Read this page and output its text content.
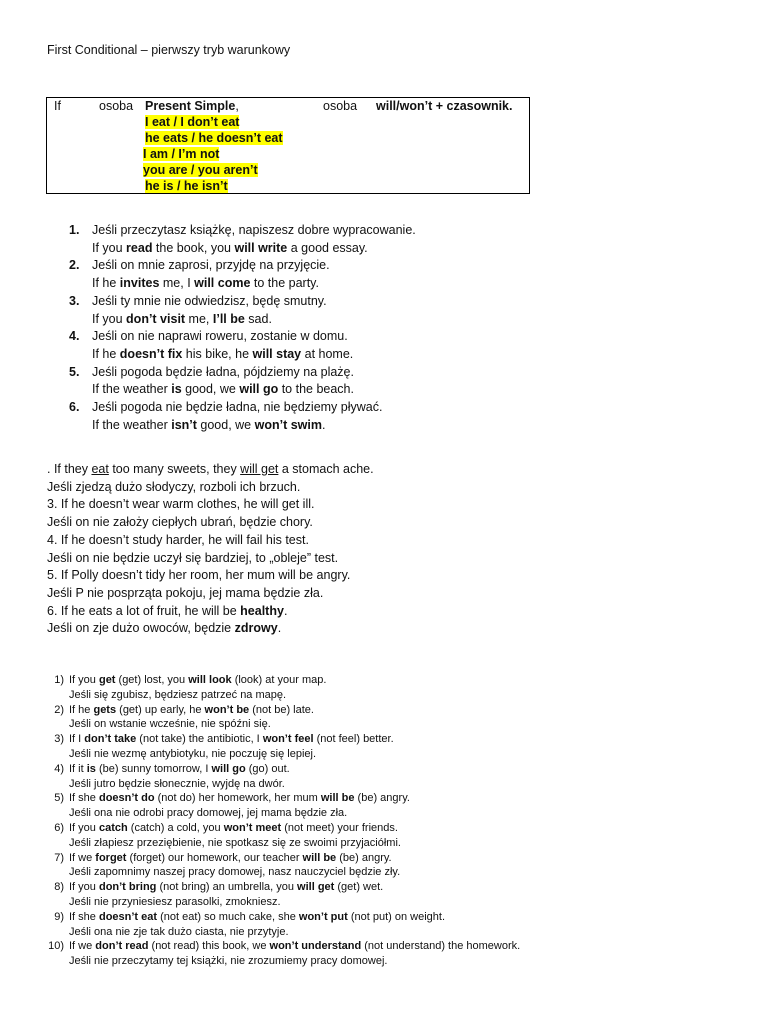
First Conditional – pierwszy tryb warunkowy
If	osoba Present Simple,	osoba will/won’t + czasownik.
I eat / I don’t eat
he eats / he doesn’t eat
I am / I’m not
you are / you aren’t
he is / he isn’t
1. Jeśli przeczytasz książkę, napiszesz dobre wypracowanie.
If you read the book, you will write a good essay.
2. Jeśli on mnie zaprosi, przyjdę na przyjęcie.
If he invites me, I will come to the party.
3. Jeśli ty mnie nie odwiedzisz, będę smutny.
If you don’t visit me, I’ll be sad.
4. Jeśli on nie naprawi roweru, zostanie w domu.
If he doesn’t fix his bike, he will stay at home.
5. Jeśli pogoda będzie ładna, pójdziemy na plażę.
If the weather is good, we will go to the beach.
6. Jeśli pogoda nie będzie ładna, nie będziemy pływać.
If the weather isn’t good, we won’t swim.
. If they eat too many sweets, they will get a stomach ache.
Jeśli zjedzą dużo słodyczy, rozboli ich brzuch.
3. If he doesn’t wear warm clothes, he will get ill.
Jeśli on nie założy ciepłych ubrań, będzie chory.
4. If he doesn’t study harder, he will fail his test.
Jeśli on nie będzie uczył się bardziej, to „obleje” test.
5. If Polly doesn’t tidy her room, her mum will be angry.
Jeśli P nie posprząta pokoju, jej mama będzie zła.
6. If he eats a lot of fruit, he will be healthy.
Jeśli on zje dużo owoców, będzie zdrowy.
1) If you get (get) lost, you will look (look) at your map.
Jeśli się zgubisz, będziesz patrzeć na mapę.
2) If he gets (get) up early, he won’t be (not be) late.
Jeśli on wstanie wcześnie, nie spóźni się.
3) If I don’t take (not take) the antibiotic, I won’t feel (not feel) better.
Jeśli nie wezmę antybiotyku, nie poczuję się lepiej.
4) If it is (be) sunny tomorrow, I will go (go) out.
Jeśli jutro będzie słonecznie, wyjdę na dwór.
5) If she doesn’t do (not do) her homework, her mum will be (be) angry.
Jeśli ona nie odrobi pracy domowej, jej mama będzie zła.
6) If you catch (catch) a cold, you won’t meet (not meet) your friends.
Jeśli złapiesz przeziębienie, nie spotkasz się ze swoimi przyjaciółmi.
7) If we forget (forget) our homework, our teacher will be (be) angry.
Jeśli zapomnimy naszej pracy domowej, nasz nauczyciel będzie zły.
8) If you don’t bring (not bring) an umbrella, you will get (get) wet.
Jeśli nie przyniesiesz parasolki, zmokniesz.
9) If she doesn’t eat (not eat) so much cake, she won’t put (not put) on weight.
Jeśli ona nie zje tak dużo ciasta, nie przytyje.
10) If we don’t read (not read) this book, we won’t understand (not understand) the homework.
Jeśli nie przeczytamy tej książki, nie zrozumiemy pracy domowej.
